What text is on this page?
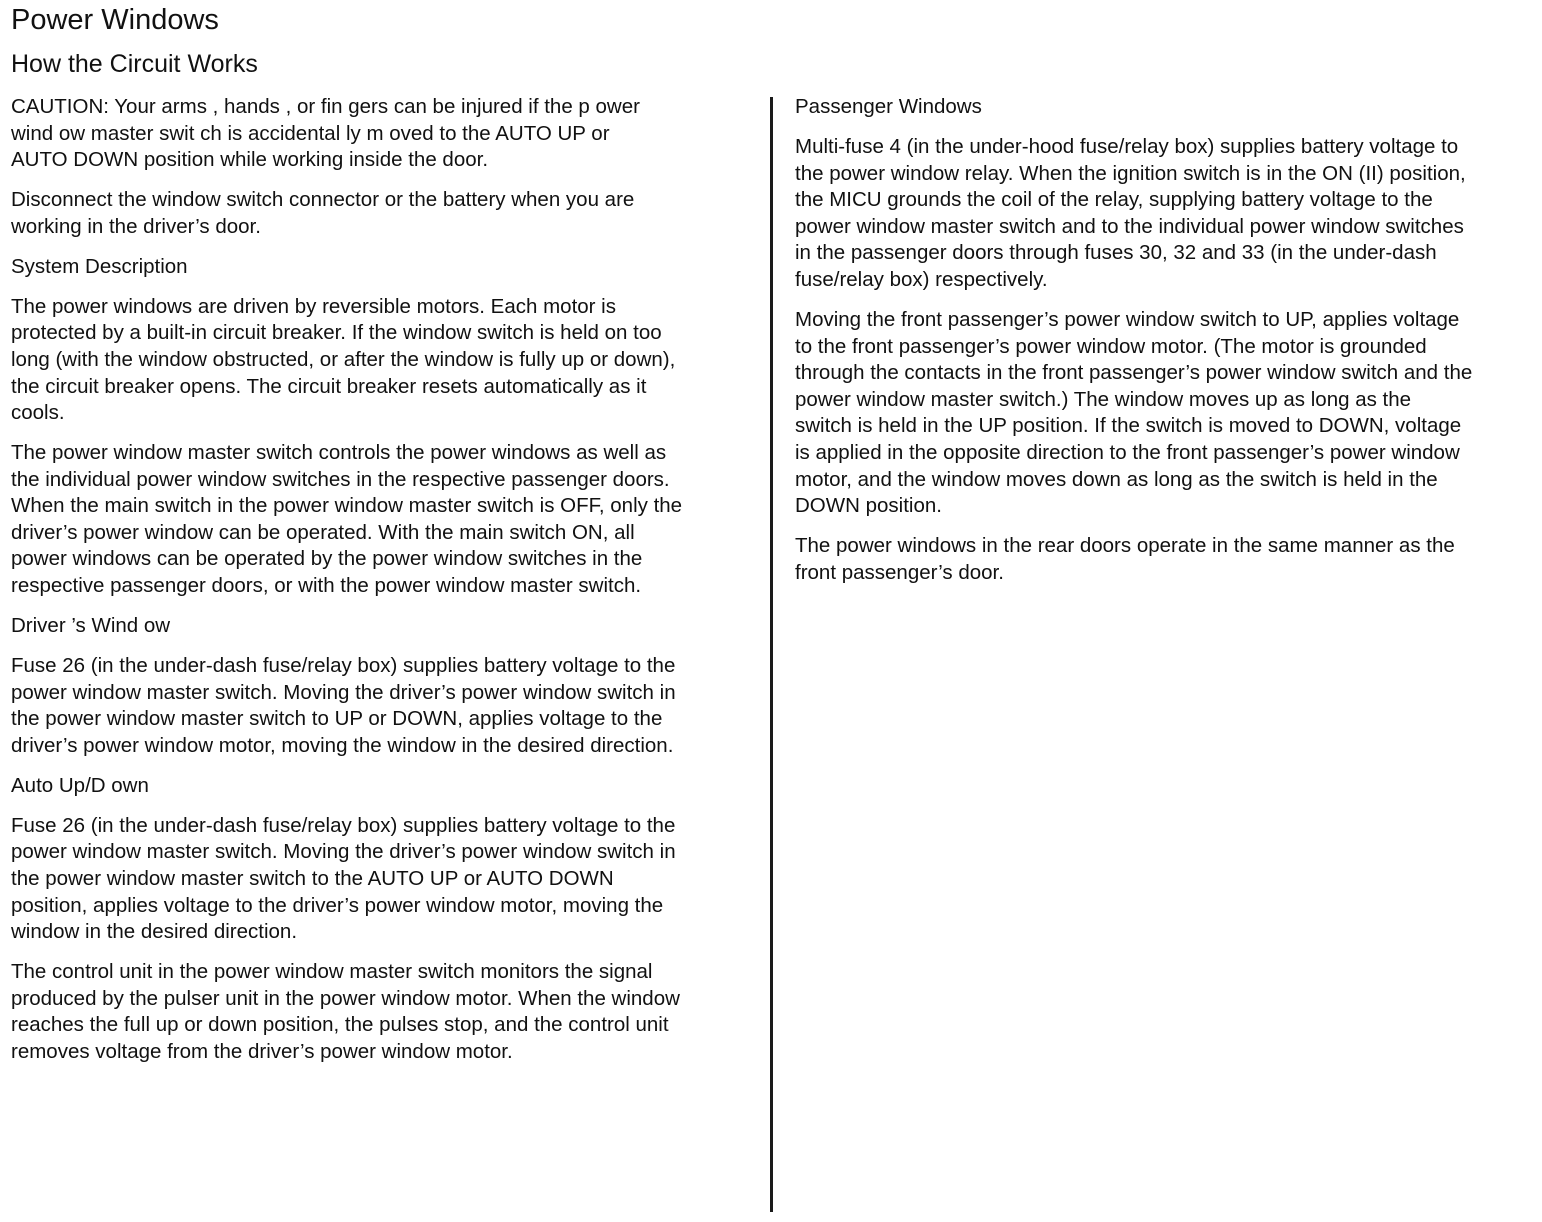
Power Windows
How the Circuit Works

CAUTION: Your arms , hands , or fin gers can be injured if the p ower
wind ow master swit ch is accidental ly m oved to the AUTO UP or
AUTO DOWN position while working inside the door.

Disconnect the window switch connector or the battery when you are
working in the driver’s door.

System Description

The power windows are driven by reversible motors. Each motor is
protected by a built-in circuit breaker. If the window switch is held on too
long (with the window obstructed, or after the window is fully up or down),
the circuit breaker opens. The circuit breaker resets automatically as it
cools.

The power window master switch controls the power windows as well as
the individual power window switches in the respective passenger doors.
When the main switch in the power window master switch is OFF, only the
driver’s power window can be operated. With the main switch ON, all
power windows can be operated by the power window switches in the
respective passenger doors, or with the power window master switch.

Driver ’s Wind ow

Fuse 26 (in the under-dash fuse/relay box) supplies battery voltage to the
power window master switch. Moving the driver’s power window switch in
the power window master switch to UP or DOWN, applies voltage to the
driver’s power window motor, moving the window in the desired direction.

Auto Up/D own

Fuse 26 (in the under-dash fuse/relay box) supplies battery voltage to the
power window master switch. Moving the driver’s power window switch in
the power window master switch to the AUTO UP or AUTO DOWN
position, applies voltage to the driver’s power window motor, moving the
window in the desired direction.

The control unit in the power window master switch monitors the signal
produced by the pulser unit in the power window motor. When the window
reaches the full up or down position, the pulses stop, and the control unit
removes voltage from the driver’s power window motor.

Passenger Windows

Multi-fuse 4 (in the under-hood fuse/relay box) supplies battery voltage to
the power window relay. When the ignition switch is in the ON (II) position,
the MICU grounds the coil of the relay, supplying battery voltage to the
power window master switch and to the individual power window switches
in the passenger doors through fuses 30, 32 and 33 (in the under-dash
fuse/relay box) respectively.

Moving the front passenger’s power window switch to UP, applies voltage
to the front passenger’s power window motor. (The motor is grounded
through the contacts in the front passenger’s power window switch and the
power window master switch.) The window moves up as long as the
switch is held in the UP position. If the switch is moved to DOWN, voltage
is applied in the opposite direction to the front passenger’s power window
motor, and the window moves down as long as the switch is held in the
DOWN position.

The power windows in the rear doors operate in the same manner as the
front passenger’s door.
